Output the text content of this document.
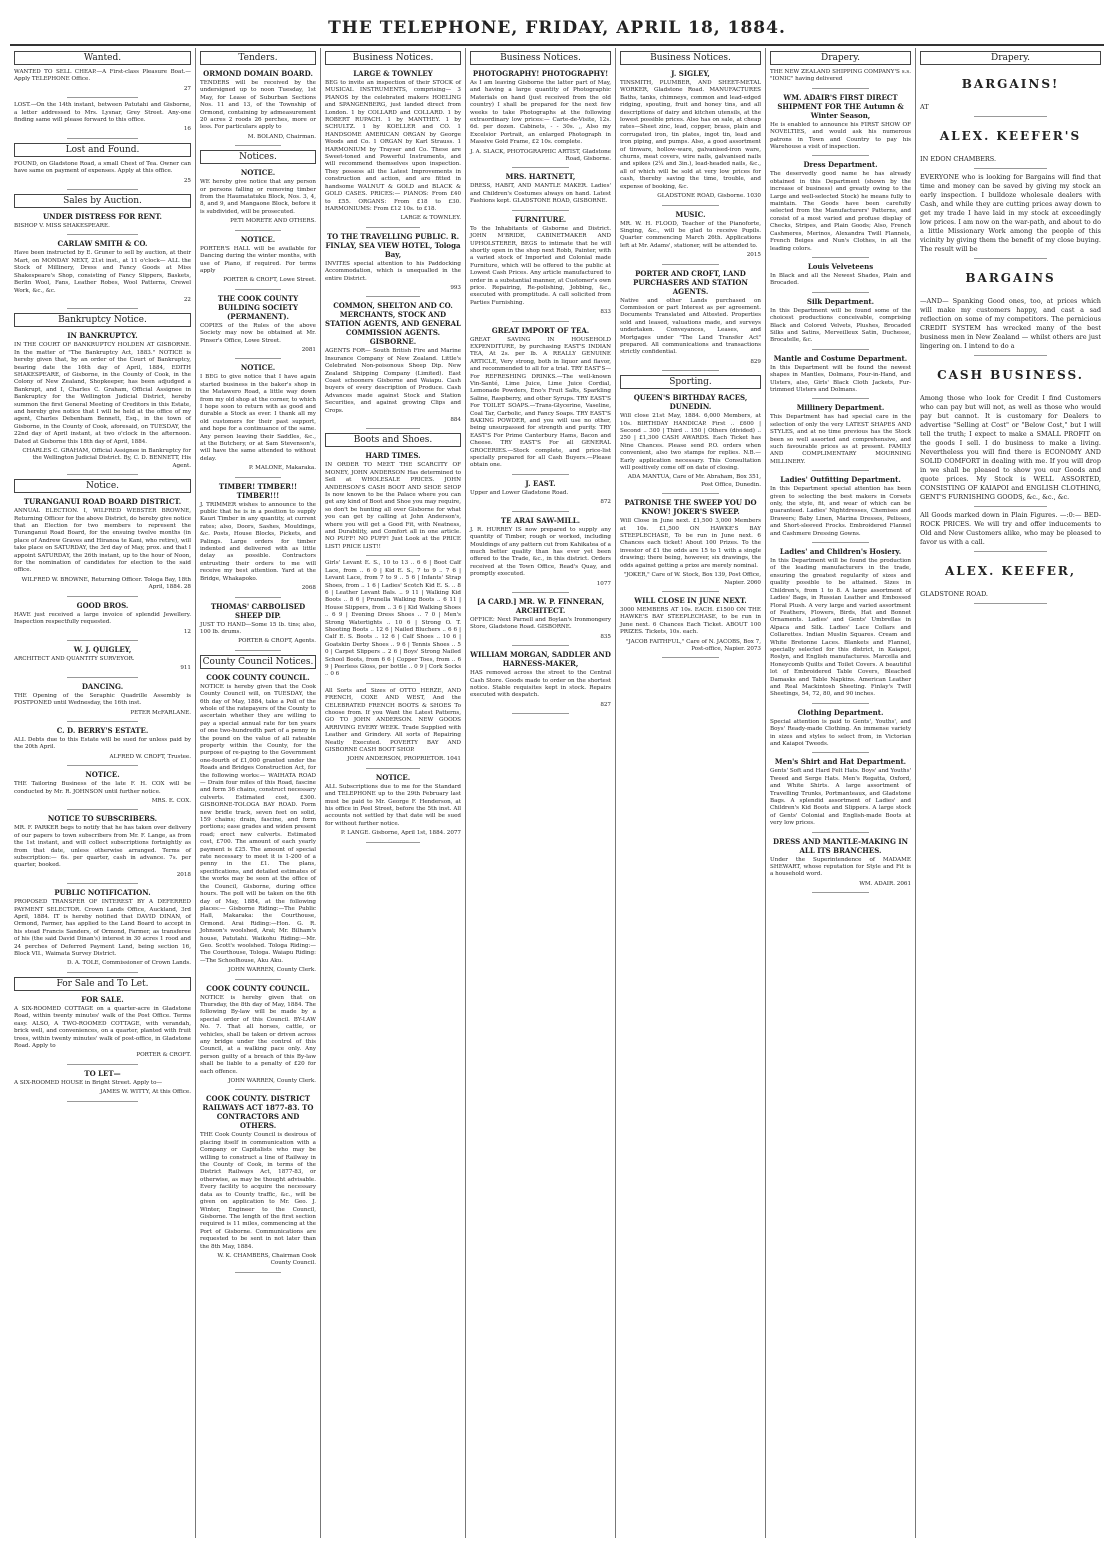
THE TELEPHONE, FRIDAY, APRIL 18, 1884.
Wanted.

WANTED TO SELL CHEAP.—A First-class Pleasure Boat.—Apply TELEPHONE Office.

27

LOST.—On the 14th instant, between Patutahi and Gisborne, a letter addressed to Mrs. Lysnar, Grey Street. Any-one finding same will please forward to this office.

16

Lost and Found.

FOUND, on Gladstone Road, a small Chest of Tea. Owner can have same on payment of expenses. Apply at this office.

25

Sales by Auction.
UNDER DISTRESS FOR RENT.

BISHOP V. MISS SHAKESPEARE.

CARLAW SMITH & CO.

Have been instructed by E. Gruner to sell by auction, at their Mart, on MONDAY NEXT, 21st inst., at 11 o'clock— ALL the Stock of Millinery, Dress and Fancy Goods at Miss Shakespeare's Shop, consisting of Fancy Slippers, Baskets, Berlin Wool, Fans, Leather Robes, Wool Patterns, Crewel Work, &c., &c.

22

Bankruptcy Notice.
IN BANKRUPTCY.

IN THE COURT OF BANKRUPTCY HOLDEN AT GISBORNE. In the matter of "The Bankruptcy Act, 1883." NOTICE is hereby given that, by an order of the Court of Bankruptcy, bearing date the 16th day of April, 1884, EDITH SHAKESPEARE, of Gisborne, in the County of Cook, in the Colony of New Zealand, Shopkeeper, has been adjudged a Bankrupt, and I, Charles C. Graham, Official Assignee in Bankruptcy for the Wellington Judicial District, hereby summon the first General Meeting of Creditors in this Estate, and hereby give notice that I will be held at the office of my agent, Charles Debenham Bennett, Esq., in the town of Gisborne, in the County of Cook, aforesaid, on TUESDAY, the 22nd day of April instant, at two o'clock in the afternoon. Dated at Gisborne this 18th day of April, 1884.

CHARLES C. GRAHAM, Official Assignee in Bankruptcy for the Wellington Judicial District. By, C. D. BENNETT, His Agent.

Notice.
TURANGANUI ROAD BOARD DISTRICT.

ANNUAL ELECTION. I, WILFRED WEBSTER BROWNE, Returning Officer for the above District, do hereby give notice that an Election for two members to represent the Turanganui Road Board, for the ensuing twelve months (in place of Andrew Graves and Hiranoa te Kani, who retire), will take place on SATURDAY, the 3rd day of May, prox. and that I appoint SATURDAY, the 26th instant, up to the hour of Noon, for the nomination of candidates for election to the said office.

WILFRED W. BROWNE, Returning Officer. Tologa Bay, 18th April, 1884. 28

GOOD BROS.

HAVE just received a large invoice of splendid Jewellery. Inspection respectfully requested.

12

W. J. QUIGLEY,

ARCHITECT AND QUANTITY SURVEYOR.

911

DANCING.

THE Opening of the Seraphic Quadrille Assembly is POSTPONED until Wednesday, the 16th inst.

PETER McFARLANE.

C. D. BERRY'S ESTATE.

ALL Debts due to this Estate will be sued for unless paid by the 20th April.

ALFRED W. CROFT, Trustee.

NOTICE.

THE Tailoring Business of the late F. H. COX will be conducted by Mr. R. JOHNSON until further notice.

MRS. E. COX.

NOTICE TO SUBSCRIBERS.

MR. F. PARKER begs to notify that he has taken over delivery of our papers to town subscribers from Mr. F. Lange, as from the 1st instant, and will collect subscriptions fortnightly as from that date, unless otherwise arranged. Terms of subscription:— 6s. per quarter, cash in advance. 7s. per quarter, booked.

2018

PUBLIC NOTIFICATION.

PROPOSED TRANSFER OF INTEREST BY A DEFERRED PAYMENT SELECTOR. Crown Lands Office, Auckland, 3rd April, 1884. IT is hereby notified that DAVID DINAN, of Ormond, Farmer, has applied to the Land Board to accept in his stead Francis Sanders, of Ormond, Farmer, as transferee of his (the said David Dinan's) interest in 30 acres 1 rood and 24 perches of Deferred Payment Land, being section 16, Block VII., Waimata Survey District.

D. A. TOLE, Commissioner of Crown Lands.

For Sale and To Let.
FOR SALE.

A SIX-ROOMED COTTAGE on a quarter-acre in Gladstone Road, within twenty minutes' walk of the Post Office. Terms easy. ALSO, A TWO-ROOMED COTTAGE, with verandah, brick well, and conveniences, on a quarter, planted with fruit trees, within twenty minutes' walk of post-office, in Gladstone Road. Apply to

PORTER & CROFT.

TO LET—

A SIX-ROOMED HOUSE in Bright Street. Apply to—

JAMES W. WITTY, At this Office.

Tenders.
ORMOND DOMAIN BOARD.

TENDERS will be received by the undersigned up to noon Tuesday, 1st May, for Lease of Suburban Sections Nos. 11 and 13, of the Township of Ormond, containing by admeasurement 20 acres 2 roods 26 perches, more or less. For particulars apply to

M. BOLAND, Chairman.

Notices.
NOTICE.

WE hereby give notice that any person or persons falling or removing timber from the Haumatatuku Block, Nos. 3, 4, 8, and 9, and Mangaone Block, before it is subdivided, will be prosecuted.

PETI MORETE AND OTHERS.

NOTICE.

PORTER'S HALL will be available for Dancing during the winter months, with use of Piano, if required. For terms apply

PORTER & CROFT, Lowe Street.

THE COOK COUNTY BUILDING SOCIETY (PERMANENT).

COPIES of the Rules of the above Society may now be obtained at Mr. Pinser's Office, Lowe Street.

2081

NOTICE.

I BEG to give notice that I have again started business in the baker's shop in the Matawero Road, a little way down from my old shop at the corner, to which I hope soon to return with as good and durable a Stock as ever. I thank all my old customers for their past support, and hope for a continuance of the same. Any person leaving their Saddles, &c., at the Butchery, or at Sam Stevenson's, will have the same attended to without delay.

P. MALONE, Makaraka.

TIMBER! TIMBER!! TIMBER!!!

J. TRIMMER wishes to announce to the public that he is in a position to supply Kauri Timber in any quantity, at current rates; also, Doors, Sashes, Mouldings, &c. Posts, House Blocks, Pickets, and Palings. Large orders for timber indented and delivered with as little delay as possible. Contractors entrusting their orders to me will receive my best attention. Yard at the Bridge, Whakapoko.

2068

THOMAS' CARBOLISED SHEEP DIP.

JUST TO HAND—Some 15 lb. tins; also, 100 lb. drums.

PORTER & CROFT, Agents.

County Council Notices.
COOK COUNTY COUNCIL.

NOTICE is hereby given that the Cook County Council will, on TUESDAY, the 6th day of May, 1884, take a Poll of the whole of the ratepayers of the County to ascertain whether they are willing to pay a special annual rate for ten years of one two-hundredth part of a penny in the pound on the value of all rateable property within the County, for the purpose of re-paying to the Government one-fourth of £1,000 granted under the Roads and Bridges Construction Act, for the following works:— WAIHATA ROAD— Drain four miles of this Road, fascine and form 36 chains, construct necessary culverts. Estimated cost, £300. GISBORNE-TOLOGA BAY ROAD. Form new bridle track, seven feet on solid, 159 chains; drain, fascine, and form portions; ease grades and widen present road; erect new culverts. Estimated cost, £700. The amount of each yearly payment is £25. The amount of special rate necessary to meet it is 1-200 of a penny in the £1. The plans, specifications, and detailed estimates of the works may be seen at the office of the Council, Gisborne, during office hours. The poll will be taken on the 6th day of May, 1884, at the following places:— Gisborne Riding:—The Public Hall, Makaraka: the Courthouse, Ormond. Arai Riding:—Hon. G. R. Johnson's woolshed, Arai; Mr. Bilham's house, Patutahi. Waikohu Riding:—Mr. Geo. Scott's woolshed. Tologa Riding:—The Courthouse, Tologa. Waiapu Riding:—The Schoolhouse, Aku Aku.

JOHN WARREN, County Clerk.

COOK COUNTY COUNCIL.

NOTICE is hereby given that on Thursday, the 8th day of May, 1884. The following By-law will be made by a special order of this Council. BY-LAW No. 7. That all horses, cattle, or vehicles, shall be taken or driven across any bridge under the control of this Council, at a walking pace only. Any person guilty of a breach of this By-law shall be liable to a penalty of £20 for each offence.

JOHN WARREN, County Clerk.

COOK COUNTY. DISTRICT RAILWAYS ACT 1877-83. TO CONTRACTORS AND OTHERS.

THE Cook County Council is desirous of placing itself in communication with a Company or Capitalists who may be willing to construct a line of Railway in the County of Cook, in terms of the District Railways Act, 1877-83, or otherwise, as may be thought advisable. Every facility to acquire the necessary data as to County traffic, &c., will be given on application to Mr. Geo. J. Winter, Engineer to the Council, Gisborne. The length of the first section required is 11 miles, commencing at the Port of Gisborne. Communications are requested to be sent in not later than the 8th May, 1884.

W. K. CHAMBERS, Chairman Cook County Council.

Business Notices.
LARGE & TOWNLEY

BEG to invite an inspection of their STOCK of MUSICAL INSTRUMENTS, comprising— 3 PIANOS by the celebrated makers HOELING and SPANGENBERG, just landed direct from London. 1 by COLLARD and COLLARD. 1 by ROBERT RUPACH. 1 by MANTHEY. 1 by SCHULTZ. 1 by KOELLER and CO. 1 HANDSOME AMERICAN ORGAN by George Woods and Co. 1 ORGAN by Karl Strauss. 1 HARMONIUM by Trayser and Co. These are Sweet-toned and Powerful Instruments, and will recommend themselves upon inspection. They possess all the Latest Improvements in construction and action, and are fitted in handsome WALNUT & GOLD and BLACK & GOLD CASES. PRICES:— PIANOS: From £40 to £55. ORGANS: From £18 to £30. HARMONIUMS: From £12 10s. to £18.

LARGE & TOWNLEY.

TO THE TRAVELLING PUBLIC. R. FINLAY, SEA VIEW HOTEL, Tologa Bay,

INVITES special attention to his Paddocking Accommodation, which is unequalled in the entire District.

993

COMMON, SHELTON AND CO. MERCHANTS, STOCK AND STATION AGENTS, AND GENERAL COMMISSION AGENTS. GISBORNE.

AGENTS FOR— South British Fire and Marine Insurance Company of New Zealand. Little's Celebrated Non-poisonous Sheep Dip. New Zealand Shipping Company (Limited). East Coast schooners Gisborne and Waiapu. Cash buyers of every description of Produce. Cash Advances made against Stock and Station Securities, and against growing Clips and Crops.

884

Boots and Shoes.
HARD TIMES.

IN ORDER TO MEET THE SCARCITY OF MONEY, JOHN ANDERSON Has determined to Sell at WHOLESALE PRICES. JOHN ANDERSON'S CASH BOOT AND SHOE SHOP Is now known to be the Palace where you can get any kind of Boot and Shoe you may require, so don't be hunting all over Gisborne for what you can get by calling at John Anderson's, where you will get a Good Fit, with Neatness, and Durability, and Comfort all in one article. NO PUFF! NO PUFF! Just Look at the PRICE LIST! PRICE LIST!!

Girls' Levant E. S., 10 to 13 .. 6 6 | Boot Calf Lace, from .. 6 0 | Kid E. S., 7 to 9 .. 7 6 | Levant Lace, from 7 to 9 .. 5 6 | Infants' Strap Shoes, from .. 1 6 | Ladies' Scotch Kid E. S. .. 8 6 | Leather Levant Bals. .. 9 11 | Walking Kid Boots .. 8 6 | Prunella Walking Boots .. 6 11 | House Slippers, from .. 3 6 | Kid Walking Shoes .. 6 9 | Evening Dress Shoes .. 7 0 | Men's Strong Watertights .. 10 6 | Strong O. T. Shooting Boots .. 12 6 | Nailed Bluchers .. 6 6 | Calf E. S. Boots .. 12 6 | Calf Shoes .. 10 6 | Goatskin Derby Shoes .. 9 6 | Tennis Shoes .. 5 0 | Carpet Slippers .. 2 6 | Boys' Strong Nailed School Boots, from 6 6 | Copper Toes, from .. 6 9 | Peerless Gloss, per bottle .. 0 9 | Cork Socks .. 0 6

All Sorts and Sizes of OTTO HERZE, AND FRENCH, COXE AND WEST, And the CELEBRATED FRENCH BOOTS & SHOES To choose from. If you Want the Latest Patterns, GO TO JOHN ANDERSON. NEW GOODS ARRIVING EVERY WEEK. Trade Supplied with Leather and Grindery. All sorts of Repairing Neatly Executed. POVERTY BAY AND GISBORNE CASH BOOT SHOP.

JOHN ANDERSON, PROPRIETOR. 1041

NOTICE.

ALL Subscriptions due to me for the Standard and TELEPHONE up to the 29th February last must be paid to Mr. George F. Henderson, at his office in Peel Street, before the 5th inst. All accounts not settled by that date will be sued for without further notice.

P. LANGE. Gisborne, April 1st, 1884. 2077

Business Notices.
PHOTOGRAPHY! PHOTOGRAPHY!

As I am leaving Gisborne the latter part of May, and having a large quantity of Photographic Materials on hand (just received from the old country) I shall be prepared for the next few weeks to take Photographs at the following extraordinary low prices:— Carte-de-Visite, 12s. 6d. per dozen. Cabinets, - - 30s. ,, Also my Excelsior Portrait, an enlarged Photograph in Massive Gold Frame, £2 10s. complete.

J. A. SLACK, PHOTOGRAPHIC ARTIST, Gladstone Road, Gisborne.

MRS. HARTNETT,

DRESS, HABIT, AND MANTLE MAKER. Ladies' and Children's Costumes always on hand. Latest Fashions kept. GLADSTONE ROAD, GISBORNE.

FURNITURE.

To the Inhabitants of Gisborne and District. JOHN M'BRIDE, CABINETMAKER AND UPHOLSTERER, BEGS to intimate that he will shortly open in the shop next Robb, Painter, with a varied stock of Imported and Colonial made Furniture, which will be offered to the public at Lowest Cash Prices. Any article manufactured to order in a substantial manner, at Customer's own price. Repairing, Re-polishing, Jobbing, &c., executed with promptitude. A call solicited from Parties Furnishing.

833

GREAT IMPORT OF TEA.

GREAT SAVING IN HOUSEHOLD EXPENDITURE, by purchasing EAST'S INDIAN TEA, At 2s. per lb. A REALLY GENUINE ARTICLE, Very strong, both in liquor and flavor, and recommended to all for a trial. TRY EAST'S— For REFRESHING DRINKS.—The well-known Vin-Santé, Lime Juice, Lime Juice Cordial, Lemonade Powders, Eno's Fruit Salts, Sparkling Saline, Raspberry, and other Syrups. TRY EAST'S For TOILET SOAPS.—Trans-Glycerine, Vaseline, Coal Tar, Carbolic, and Fancy Soaps. TRY EAST'S BAKING POWDER, and you will use no other, being unsurpassed for strength and purity. TRY EAST'S For Prime Canterbury Hams, Bacon and Cheese. TRY EAST'S For all GENERAL GROCERIES.—Stock complete, and price-list specially prepared for all Cash Buyers.—Please obtain one.

J. EAST.

Upper and Lower Gladstone Road.

872

TE ARAI SAW-MILL.

J. R. HURREY IS now prepared to supply any quantity of Timber, rough or worked, including Mouldings of any pattern cut from Kahikatea of a much better quality than has ever yet been offered to the Trade, &c., in this district. Orders received at the Town Office, Read's Quay, and promptly executed.

1077

[A CARD.] MR. W. P. FINNERAN, ARCHITECT.

OFFICE: Next Parnell and Boylan's Ironmongery Store, Gladstone Road. GISBORNE.

835

WILLIAM MORGAN, SADDLER AND HARNESS-MAKER,

HAS removed across the street to the Central Cash Store. Goods made to order on the shortest notice. Stable requisites kept in stock. Repairs executed with despatch.

827

Business Notices.
J. SIGLEY,

TINSMITH, PLUMBER, AND SHEET-METAL WORKER, Gladstone Road. MANUFACTURES Baths, tanks, chimneys, common and lead-edged ridging, spouting, fruit and honey tins, and all descriptions of dairy and kitchen utensils, at the lowest possible prices. Also has on sale, at cheap rates—Sheet zinc, lead, copper, brass, plain and corrugated iron, tin plates, ingot tin, lead and iron piping, and pumps. Also, a good assortment of tinware, hollow-ware, galvanised-iron ware, churns, meat covers, wire nails, galvanised nails and spikes (2¼ and 3in.), lead-headed nails, &c., all of which will be sold at very low prices for cash, thereby saving the time, trouble, and expense of booking, &c.

GLADSTONE ROAD, Gisborne. 1030

MUSIC.

MR. W. H. FLOOD, Teacher of the Pianoforte, Singing, &c., will be glad to receive Pupils. Quarter commencing March 26th. Applications left at Mr. Adams', stationer, will be attended to.

2015

PORTER AND CROFT, LAND PURCHASERS AND STATION AGENTS.

Native and other Lands purchased on Commission or part Interest as per agreement. Documents Translated and Attested. Properties sold and leased, valuations made, and surveys undertaken. Conveyances, Leases, and Mortgages under "The Land Transfer Act" prepared. All communications and transactions strictly confidential.

829

Sporting.
QUEEN'S BIRTHDAY RACES, DUNEDIN.

Will close 21st May, 1884. 6,000 Members, at 10s. BIRTHDAY HANDICAP. First .. £600 | Second .. 300 | Third .. 150 | Others (divided) .. 250 | £1,300 CASH AWARDS. Each Ticket has Nine Chances. Please send P.O. orders when convenient, also two stamps for replies. N.B.—Early application necessary. This Consultation will positively come off on date of closing.

ADA MANTUA, Care of Mr. Abraham, Box 351, Post Office, Dunedin.

PATRONISE THE SWEEP YOU DO KNOW! JOKER'S SWEEP.

Will Close in June next. £1,500 3,000 Members at 10s. £1,500 ON HAWKE'S BAY STEEPLECHASE, To be run in June next. 6 Chances each ticket! About 100 Prizes. To the investor of £1 the odds are 15 to 1 with a single drawing; there being, however, six drawings, the odds against getting a prize are merely nominal.

"JOKER," Care of W. Stock, Box 139, Post Office, Napier. 2060

WILL CLOSE IN JUNE NEXT.

3000 MEMBERS AT 10s. EACH. £1500 ON THE HAWKE'S BAY STEEPLECHASE, to be run in June next. 6 Chances Each Ticket. ABOUT 100 PRIZES. Tickets, 10s. each.

"JACOB FAITHFUL," Care of N. JACOBS, Box 7, Post-office, Napier. 2073

Drapery.

THE NEW ZEALAND SHIPPING COMPANY'S s.s. "IONIC" having delivered

WM. ADAIR'S FIRST DIRECT SHIPMENT FOR THE Autumn & Winter Season,

He is enabled to announce his FIRST SHOW OF NOVELTIES, and would ask his numerous patrons in Town and Country to pay his Warehouse a visit of inspection.

Dress Department.

The deservedly good name he has already obtained in this Department (shown by the increase of business) and greatly owing to the Large and well-selected Stock) he means fully to maintain. The Goods have been carefully selected from the Manufacturers' Patterns, and consist of a most varied and profuse display of Checks, Stripes, and Plain Goods; Also, French Cashmeres, Merinos, Alexandra Twill Flannels, French Beiges and Nun's Clothes, in all the leading colors.

Louis Velveteens

In Black and all the Newest Shades, Plain and Brocaded.

Silk Department.

In this Department will be found some of the choicest productions conceivable, comprising Black and Colored Velvets, Plushes, Brocaded Silks and Satins, Merveilleux Satin, Duchesse, Brocatelle, &c.

Mantle and Costume Department.

In this Department will be found the newest shapes in Mantles, Dolmans, Four-in-Hand, and Ulsters, also, Girls' Black Cloth Jackets, Fur-trimmed Ulsters and Dolmans.

Millinery Department.

This Department has had special care in the selection of only the very LATEST SHAPES AND STYLES, and at no time previous has the Stock been so well assorted and comprehensive, and such favourable prices as at present. FAMILY AND COMPLIMENTARY MOURNING MILLINERY.

Ladies' Outfitting Department.

In this Department special attention has been given to selecting the best makers in Corsets only, the style, fit, and wear of which can be guaranteed. Ladies' Nightdresses, Chemises and Drawers; Baby Linen, Marina Dresses, Pelisses, and Short-sleeved Frocks. Embroidered Flannel and Cashmere Dressing Gowns.

Ladies' and Children's Hosiery.

In this Department will be found the production of the leading manufacturers in the trade, ensuring the greatest regularity of sizes and quality possible to be attained. Sizes in Children's, from 1 to 8. A large assortment of Ladies' Bags, in Russian Leather and Embossed Floral Plush. A very large and varied assortment of Feathers, Flowers, Birds, Hat and Bonnet Ornaments. Ladies' and Gents' Umbrellas in Alpaca and Silk. Ladies' Lace Collars and Collarettes. Indian Muslin Squares. Cream and White Bretonne Laces. Blankets and Flannel, specially selected for this district, in Kaiapoi, Roslyn, and English manufactures. Marcella and Honeycomb Quilts and Toilet Covers. A beautiful lot of Embroidered Table Covers, Bleached Damasks and Table Napkins. American Leather and Real Mackintosh Sheeting. Finlay's Twill Sheetings, 54, 72, 80, and 90 inches.

Clothing Department.

Special attention is paid to Gents', Youths', and Boys' Ready-made Clothing. An immense variety in sizes and styles to select from, in Victorian and Kaiapoi Tweeds.

Men's Shirt and Hat Department.

Gents' Soft and Hard Felt Hats. Boys' and Youths' Tweed and Serge Hats. Men's Regatta, Oxford, and White Shirts. A large assortment of Travelling Trunks, Portmanteaux, and Gladstone Bags. A splendid assortment of Ladies' and Children's Kid Boots and Slippers. A large stock of Gents' Colonial and English-made Boots at very low prices.

DRESS AND MANTLE-MAKING IN ALL ITS BRANCHES.

Under the Superintendence of MADAME SHEWART, whose reputation for Style and Fit is a household word.

WM. ADAIR. 2061

Drapery.
BARGAINS!

AT

ALEX. KEEFER'S

IN EDON CHAMBERS.

EVERYONE who is looking for Bargains will find that time and money can be saved by giving my stock an early inspection. I bulldoze wholesale dealers with Cash, and while they are cutting prices away down to get my trade I have laid in my stock at exceedingly low prices. I am now on the war-path, and about to do a little Missionary Work among the people of this vicinity by giving them the benefit of my close buying. The result will be

BARGAINS

—AND— Spanking Good ones, too, at prices which will make my customers happy, and cast a sad reflection on some of my competitors. The pernicious CREDIT SYSTEM has wrecked many of the best business men in New Zealand — whilst others are just lingering on. I intend to do a

CASH BUSINESS.

Among those who look for Credit I find Customers who can pay but will not, as well as those who would pay but cannot. It is customary for Dealers to advertise "Selling at Cost" or "Below Cost," but I will tell the truth; I expect to make a SMALL PROFIT on the goods I sell. I do business to make a living. Nevertheless you will find there is ECONOMY AND SOLID COMFORT in dealing with me. If you will drop in we shall be pleased to show you our Goods and quote prices. My Stock is WELL ASSORTED, CONSISTING OF KAIAPOI and ENGLISH CLOTHING, GENT'S FURNISHING GOODS, &c., &c., &c.

All Goods marked down in Plain Figures. —:0:— BED-ROCK PRICES. We will try and offer inducements to Old and New Customers alike, who may be pleased to favor us with a call.

ALEX. KEEFER,

GLADSTONE ROAD.
